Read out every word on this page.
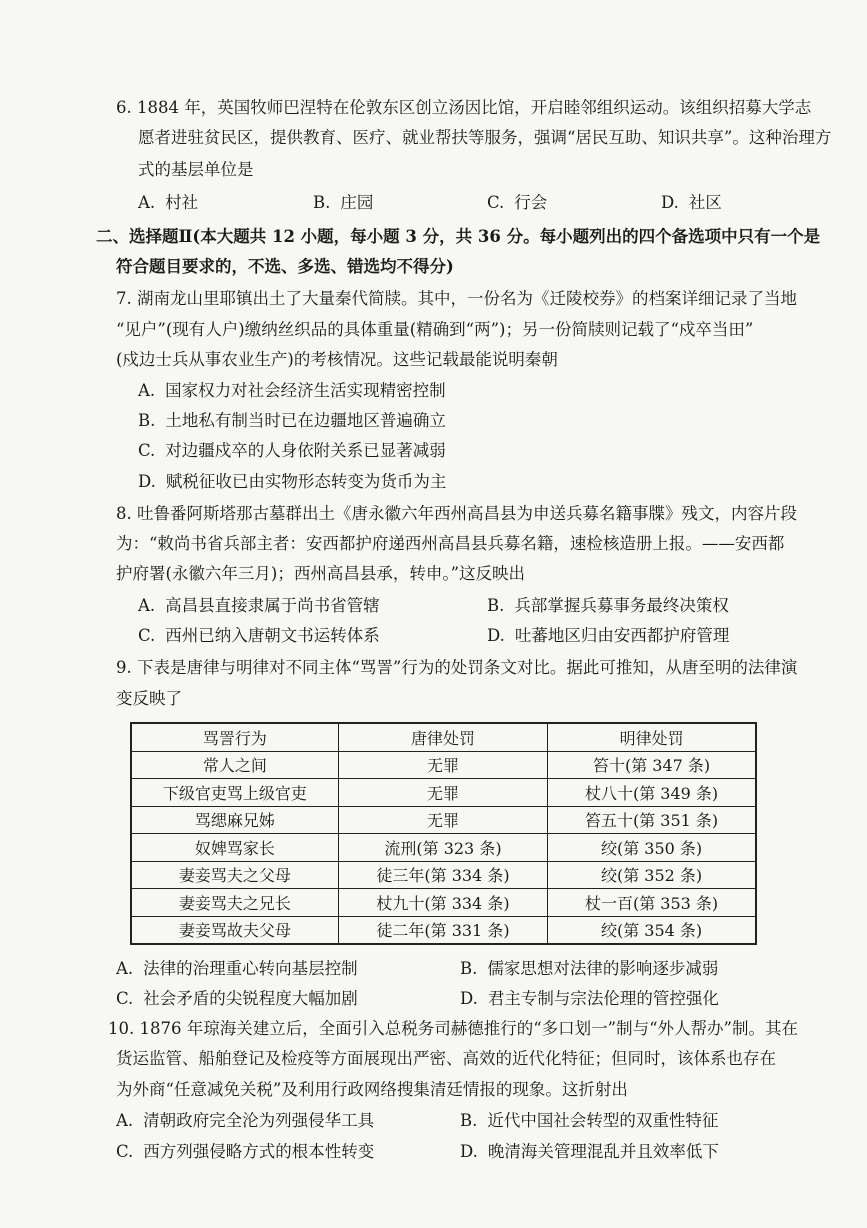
6. 1884 年，英国牧师巴涅特在伦敦东区创立汤因比馆，开启睦邻组织运动。该组织招募大学志
愿者进驻贫民区，提供教育、医疗、就业帮扶等服务，强调“居民互助、知识共享”。这种治理方
式的基层单位是
A. 村社	B. 庄园	C. 行会	D. 社区
二、选择题Ⅱ(本大题共 12 小题，每小题 3 分，共 36 分。每小题列出的四个备选项中只有一个是
符合题目要求的，不选、多选、错选均不得分)
7. 湖南龙山里耶镇出土了大量秦代简牍。其中，一份名为《迁陵校券》的档案详细记录了当地
“见户”(现有人户)缴纳丝织品的具体重量(精确到“两”)；另一份简牍则记载了“戍卒当田”
(戍边士兵从事农业生产)的考核情况。这些记载最能说明秦朝
A. 国家权力对社会经济生活实现精密控制
B. 土地私有制当时已在边疆地区普遍确立
C. 对边疆戍卒的人身依附关系已显著减弱
D. 赋税征收已由实物形态转变为货币为主
8. 吐鲁番阿斯塔那古墓群出土《唐永徽六年西州高昌县为申送兵募名籍事牒》残文，内容片段
为：“敕尚书省兵部主者：安西都护府递西州高昌县兵募名籍，速检核造册上报。——安西都
护府署(永徽六年三月)；西州高昌县承，转申。”这反映出
A. 高昌县直接隶属于尚书省管辖	B. 兵部掌握兵募事务最终决策权
C. 西州已纳入唐朝文书运转体系	D. 吐蕃地区归由安西都护府管理
9. 下表是唐律与明律对不同主体“骂詈”行为的处罚条文对比。据此可推知，从唐至明的法律演
变反映了
骂詈行为	唐律处罚	明律处罚
常人之间	无罪	笞十(第 347 条)
下级官吏骂上级官吏	无罪	杖八十(第 349 条)
骂缌麻兄姊	无罪	笞五十(第 351 条)
奴婢骂家长	流刑(第 323 条)	绞(第 350 条)
妻妾骂夫之父母	徒三年(第 334 条)	绞(第 352 条)
妻妾骂夫之兄长	杖九十(第 334 条)	杖一百(第 353 条)
妻妾骂故夫父母	徒二年(第 331 条)	绞(第 354 条)
A. 法律的治理重心转向基层控制	B. 儒家思想对法律的影响逐步减弱
C. 社会矛盾的尖锐程度大幅加剧	D. 君主专制与宗法伦理的管控强化
10. 1876 年琼海关建立后，全面引入总税务司赫德推行的“多口划一”制与“外人帮办”制。其在
货运监管、船舶登记及检疫等方面展现出严密、高效的近代化特征；但同时，该体系也存在
为外商“任意减免关税”及利用行政网络搜集清廷情报的现象。这折射出
A. 清朝政府完全沦为列强侵华工具	B. 近代中国社会转型的双重性特征
C. 西方列强侵略方式的根本性转变	D. 晚清海关管理混乱并且效率低下
